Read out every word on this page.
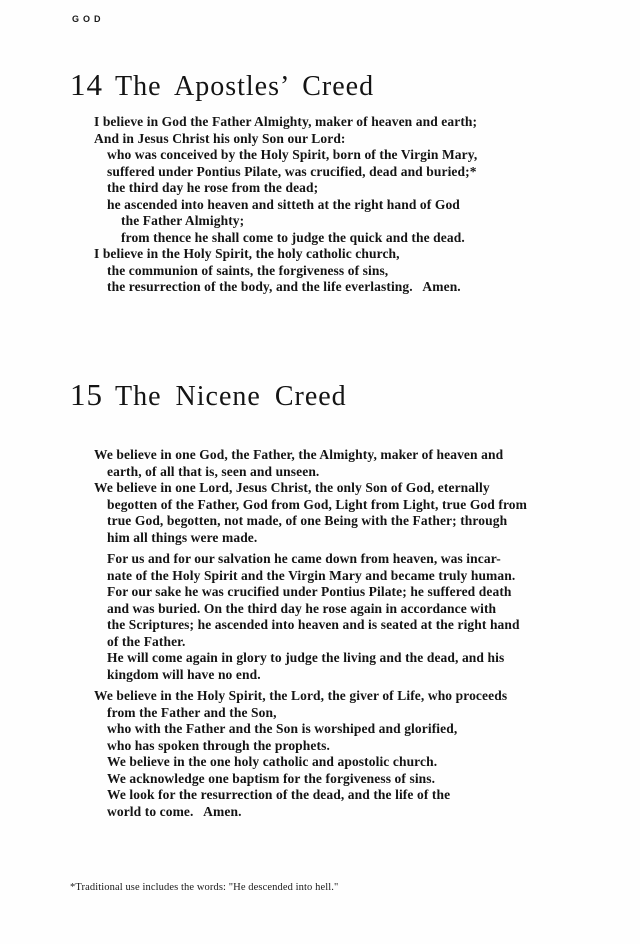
GOD
14 The Apostles’ Creed
I believe in God the Father Almighty, maker of heaven and earth;
And in Jesus Christ his only Son our Lord:
who was conceived by the Holy Spirit, born of the Virgin Mary,
suffered under Pontius Pilate, was crucified, dead and buried;*
the third day he rose from the dead;
he ascended into heaven and sitteth at the right hand of God
the Father Almighty;
from thence he shall come to judge the quick and the dead.
I believe in the Holy Spirit, the holy catholic church,
the communion of saints, the forgiveness of sins,
the resurrection of the body, and the life everlasting.   Amen.
15 The Nicene Creed
We believe in one God, the Father, the Almighty, maker of heaven and
earth, of all that is, seen and unseen.
We believe in one Lord, Jesus Christ, the only Son of God, eternally
begotten of the Father, God from God, Light from Light, true God from
true God, begotten, not made, of one Being with the Father; through
him all things were made.
For us and for our salvation he came down from heaven, was incar-
nate of the Holy Spirit and the Virgin Mary and became truly human.
For our sake he was crucified under Pontius Pilate; he suffered death
and was buried. On the third day he rose again in accordance with
the Scriptures; he ascended into heaven and is seated at the right hand
of the Father.
He will come again in glory to judge the living and the dead, and his
kingdom will have no end.
We believe in the Holy Spirit, the Lord, the giver of Life, who proceeds
from the Father and the Son,
who with the Father and the Son is worshiped and glorified,
who has spoken through the prophets.
We believe in the one holy catholic and apostolic church.
We acknowledge one baptism for the forgiveness of sins.
We look for the resurrection of the dead, and the life of the
world to come.   Amen.
*Traditional use includes the words: "He descended into hell."
